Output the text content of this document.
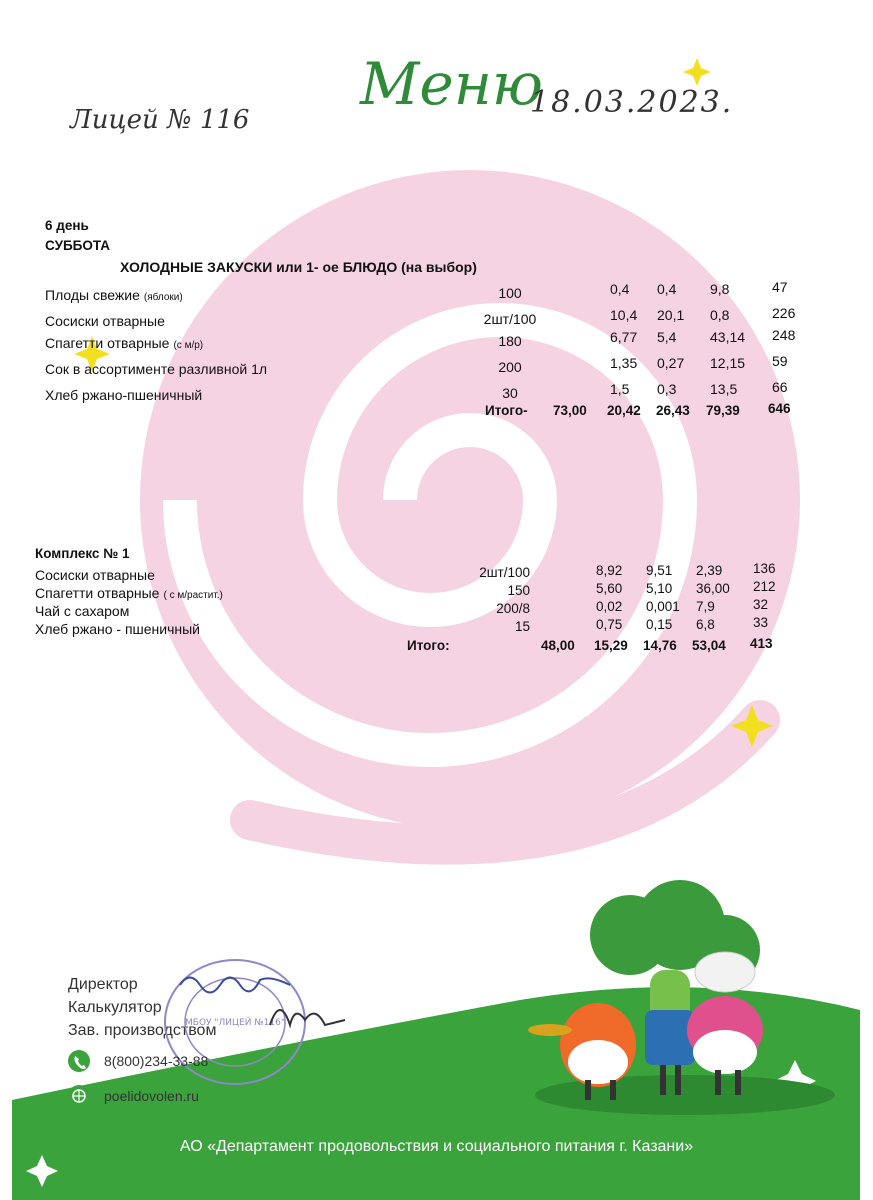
Лицей № 116
Меню
18.03.2023.
6 день
СУББОТА
ХОЛОДНЫЕ ЗАКУСКИ или 1- ое БЛЮДО (на выбор)
Плоды свежие (яблоки)	100	0,4 0,4 9,8	47
Сосиски отварные	2шт/100	10,4 20,1 0,8	226
Спагетти отварные (с м/р)	180	6,77 5,4 43,14 248
Сок в ассортименте разливной 1л	200	1,35 0,27 12,15 59
Хлеб ржано-пшеничный	30	1,5 0,3 13,5 66
Итого- 73,00 20,42 26,43 79,39 646
Комплекс № 1
Сосиски отварные	2шт/100	8,92 9,51 2,39 136
Спагетти отварные ( с м/растит.)	150	5,60 5,10 36,00 212
Чай с сахаром	200/8	0,02 0,001 7,9	32
Хлеб ржано - пшеничный	15	0,75 0,15 6,8	33
Итого:	48,00 15,29 14,76 53,04 413
Директор
Калькулятор
Зав. производством
МБОУ "ЛИЦЕЙ №116"
8(800)234-33-88
poelidovolen.ru
АО «Департамент продовольствия и социального питания г. Казани»
